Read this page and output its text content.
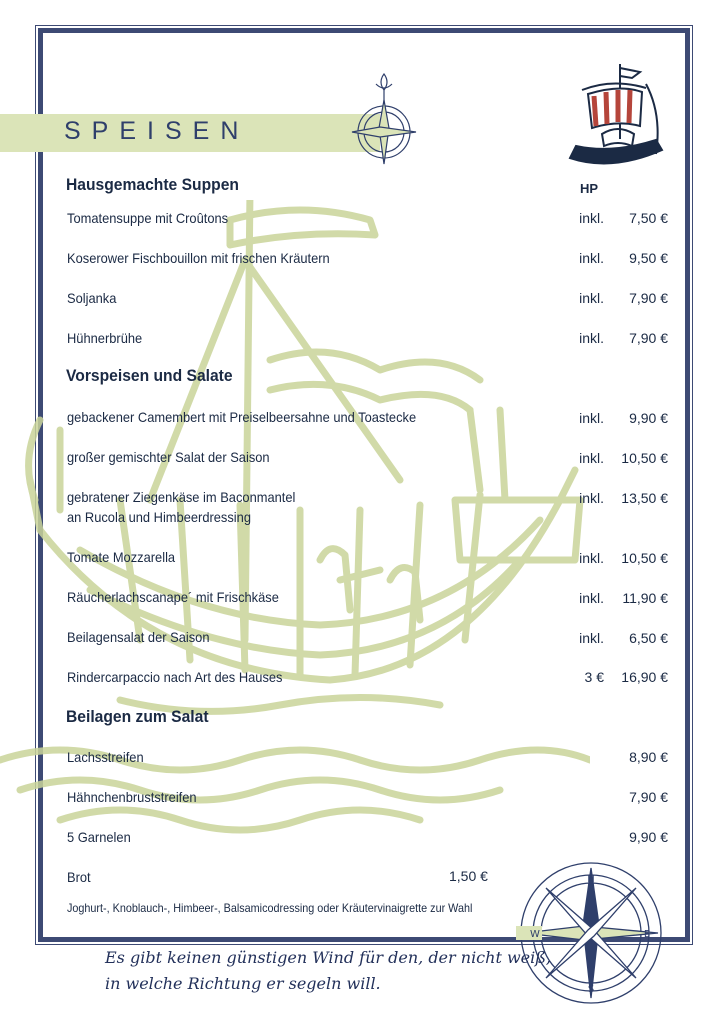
SPEISEN
HP
Hausgemachte Suppen
Tomatensuppe mit Croûtons	inkl. 7,50 €
Koserower Fischbouillon mit frischen Kräutern	inkl. 9,50 €
Soljanka	inkl. 7,90 €
Hühnerbrühe	inkl. 7,90 €
Vorspeisen und Salate
gebackener Camembert mit Preiselbeersahne und Toastecke	inkl. 9,90 €
großer gemischter Salat der Saison	inkl. 10,50 €
gebratener Ziegenkäse im Baconmantel
an Rucola und Himbeerdressing
inkl. 13,50 €
Tomate Mozzarella	inkl. 10,50 €
Räucherlachscanape´ mit Frischkäse	inkl. 11,90 €
Beilagensalat der Saison	inkl. 6,50 €
Rindercarpaccio nach Art des Hauses	3 € 16,90 €
Beilagen zum Salat
Lachsstreifen	8,90 €
Hähnchenbruststreifen	7,90 €
5 Garnelen	9,90 €
Brot	1,50 €
Joghurt-, Knoblauch-, Himbeer-, Balsamicodressing oder Kräutervinaigrette zur Wahl
N
E
S
W
Es gibt keinen günstigen Wind für den, der nicht weiß,
in welche Richtung er segeln will.
